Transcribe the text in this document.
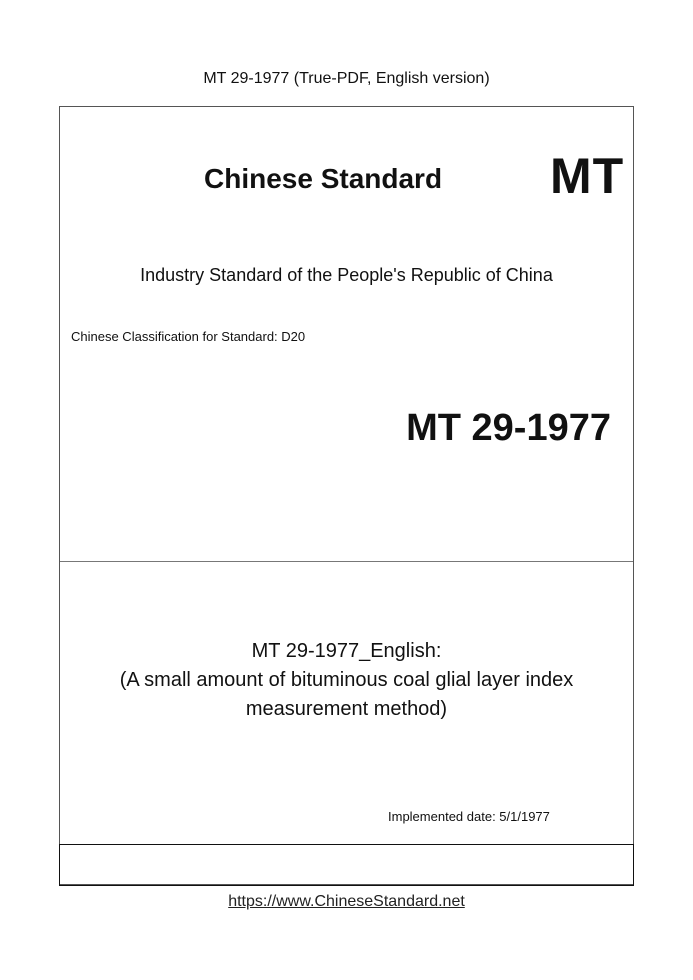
MT 29-1977 (True-PDF, English version)
Chinese Standard MT
Industry Standard of the People's Republic of China
Chinese Classification for Standard: D20
MT 29-1977
MT 29-1977_English:
(A small amount of bituminous coal glial layer index
measurement method)
Implemented date: 5/1/1977
https://www.ChineseStandard.net
